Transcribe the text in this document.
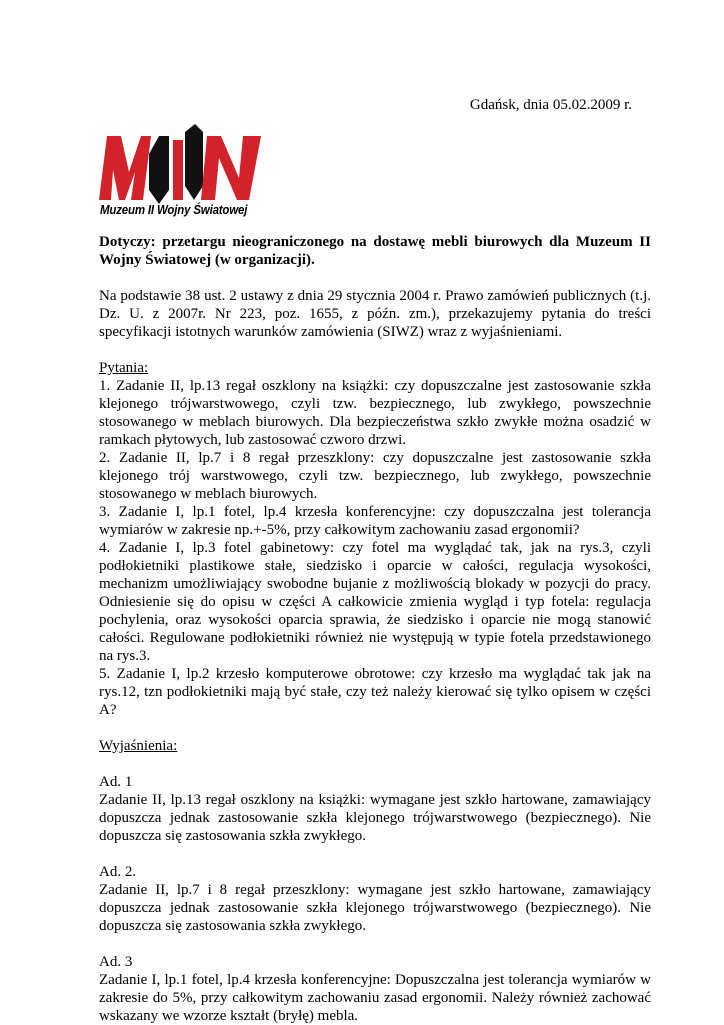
Gdańsk, dnia 05.02.2009 r.
Muzeum II Wojny Światowej

Dotyczy: przetargu nieograniczonego na dostawę mebli biurowych dla Muzeum II Wojny Światowej (w organizacji).

Na podstawie 38 ust. 2 ustawy z dnia 29 stycznia 2004 r. Prawo zamówień publicznych (t.j. Dz. U. z 2007r. Nr 223, poz. 1655, z późn. zm.), przekazujemy pytania do treści specyfikacji istotnych warunków zamówienia (SIWZ) wraz z wyjaśnieniami.

Pytania:

1. Zadanie II, lp.13 regał oszklony na książki: czy dopuszczalne jest zastosowanie szkła klejonego trójwarstwowego, czyli tzw. bezpiecznego, lub zwykłego, powszechnie stosowanego w meblach biurowych. Dla bezpieczeństwa szkło zwykłe można osadzić w ramkach płytowych, lub zastosować czworo drzwi.

2. Zadanie II, lp.7 i 8 regał przeszklony: czy dopuszczalne jest zastosowanie szkła klejonego trój warstwowego, czyli tzw. bezpiecznego, lub zwykłego, powszechnie stosowanego w meblach biurowych.

3. Zadanie I, lp.1 fotel, lp.4 krzesła konferencyjne: czy dopuszczalna jest tolerancja wymiarów w zakresie np.+-5%, przy całkowitym zachowaniu zasad ergonomii?

4. Zadanie I, lp.3 fotel gabinetowy: czy fotel ma wyglądać tak, jak na rys.3, czyli podłokietniki plastikowe stałe, siedzisko i oparcie w całości, regulacja wysokości, mechanizm umożliwiający swobodne bujanie z możliwością blokady w pozycji do pracy. Odniesienie się do opisu w części A całkowicie zmienia wygląd i typ fotela: regulacja pochylenia, oraz wysokości oparcia sprawia, że siedzisko i oparcie nie mogą stanowić całości. Regulowane podłokietniki również nie występują w typie fotela przedstawionego na rys.3.

5. Zadanie I, lp.2 krzesło komputerowe obrotowe: czy krzesło ma wyglądać tak jak na rys.12, tzn podłokietniki mają być stałe, czy też należy kierować się tylko opisem w części A?

Wyjaśnienia:

Ad. 1

Zadanie II, lp.13 regał oszklony na książki: wymagane jest szkło hartowane, zamawiający dopuszcza jednak zastosowanie szkła klejonego trójwarstwowego (bezpiecznego). Nie dopuszcza się zastosowania szkła zwykłego.

Ad. 2.

Zadanie II, lp.7 i 8 regał przeszklony: wymagane jest szkło hartowane, zamawiający dopuszcza jednak zastosowanie szkła klejonego trójwarstwowego (bezpiecznego). Nie dopuszcza się zastosowania szkła zwykłego.

Ad. 3

Zadanie I, lp.1 fotel, lp.4 krzesła konferencyjne: Dopuszczalna jest tolerancja wymiarów w zakresie do 5%, przy całkowitym zachowaniu zasad ergonomii. Należy również zachować wskazany we wzorze kształt (bryłę) mebla.
